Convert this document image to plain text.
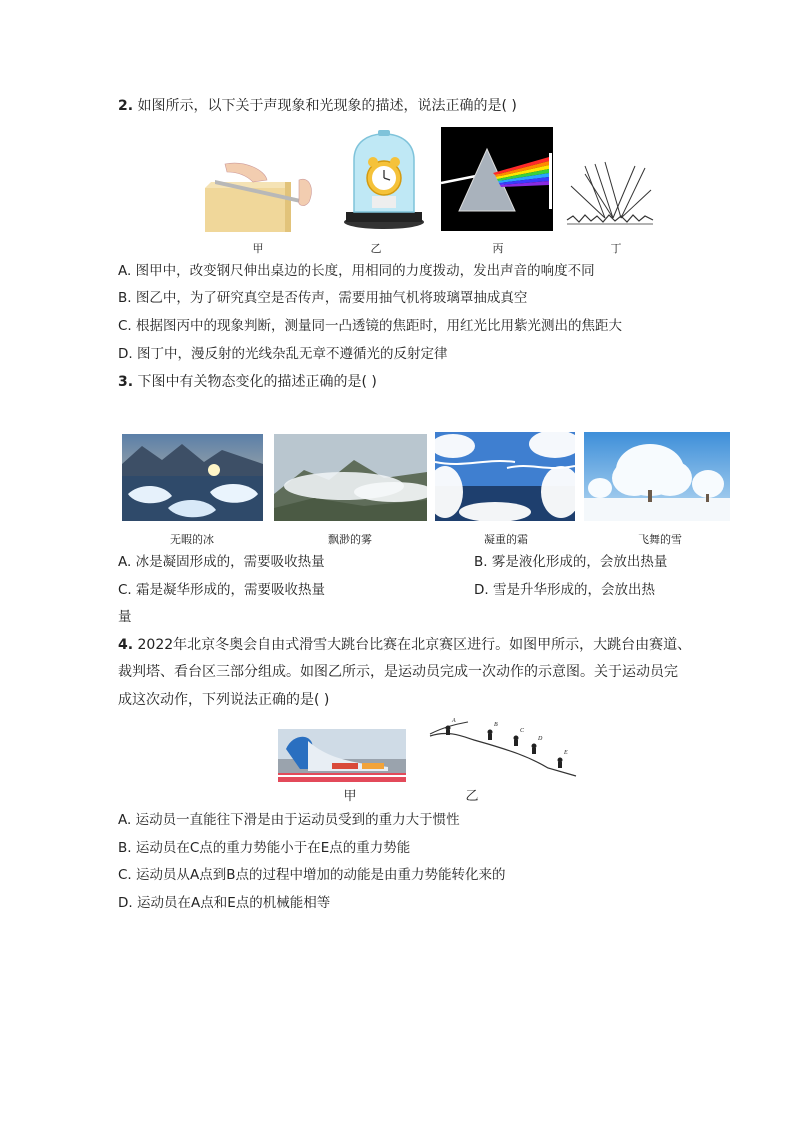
2. 如图所示，以下关于声现象和光现象的描述，说法正确的是( )
甲	乙	丙	丁
A. 图甲中，改变钢尺伸出桌边的长度，用相同的力度拨动，发出声音的响度不同
B. 图乙中，为了研究真空是否传声，需要用抽气机将玻璃罩抽成真空
C. 根据图丙中的现象判断，测量同一凸透镜的焦距时，用红光比用紫光测出的焦距大
D. 图丁中，漫反射的光线杂乱无章不遵循光的反射定律
3. 下图中有关物态变化的描述正确的是( )
无暇的冰	飘渺的雾	凝重的霜	飞舞的雪
A. 冰是凝固形成的，需要吸收热量	B. 雾是液化形成的，会放出热量
C. 霜是凝华形成的，需要吸收热量	D. 雪是升华形成的，会放出热
量
4. 2022年北京冬奥会自由式滑雪大跳台比赛在北京赛区进行。如图甲所示，大跳台由赛道、
裁判塔、看台区三部分组成。如图乙所示，是运动员完成一次动作的示意图。关于运动员完
成这次动作，下列说法正确的是( )
甲
A
B
C
D
E
乙
A. 运动员一直能往下滑是由于运动员受到的重力大于惯性
B. 运动员在C点的重力势能小于在E点的重力势能
C. 运动员从A点到B点的过程中增加的动能是由重力势能转化来的
D. 运动员在A点和E点的机械能相等
